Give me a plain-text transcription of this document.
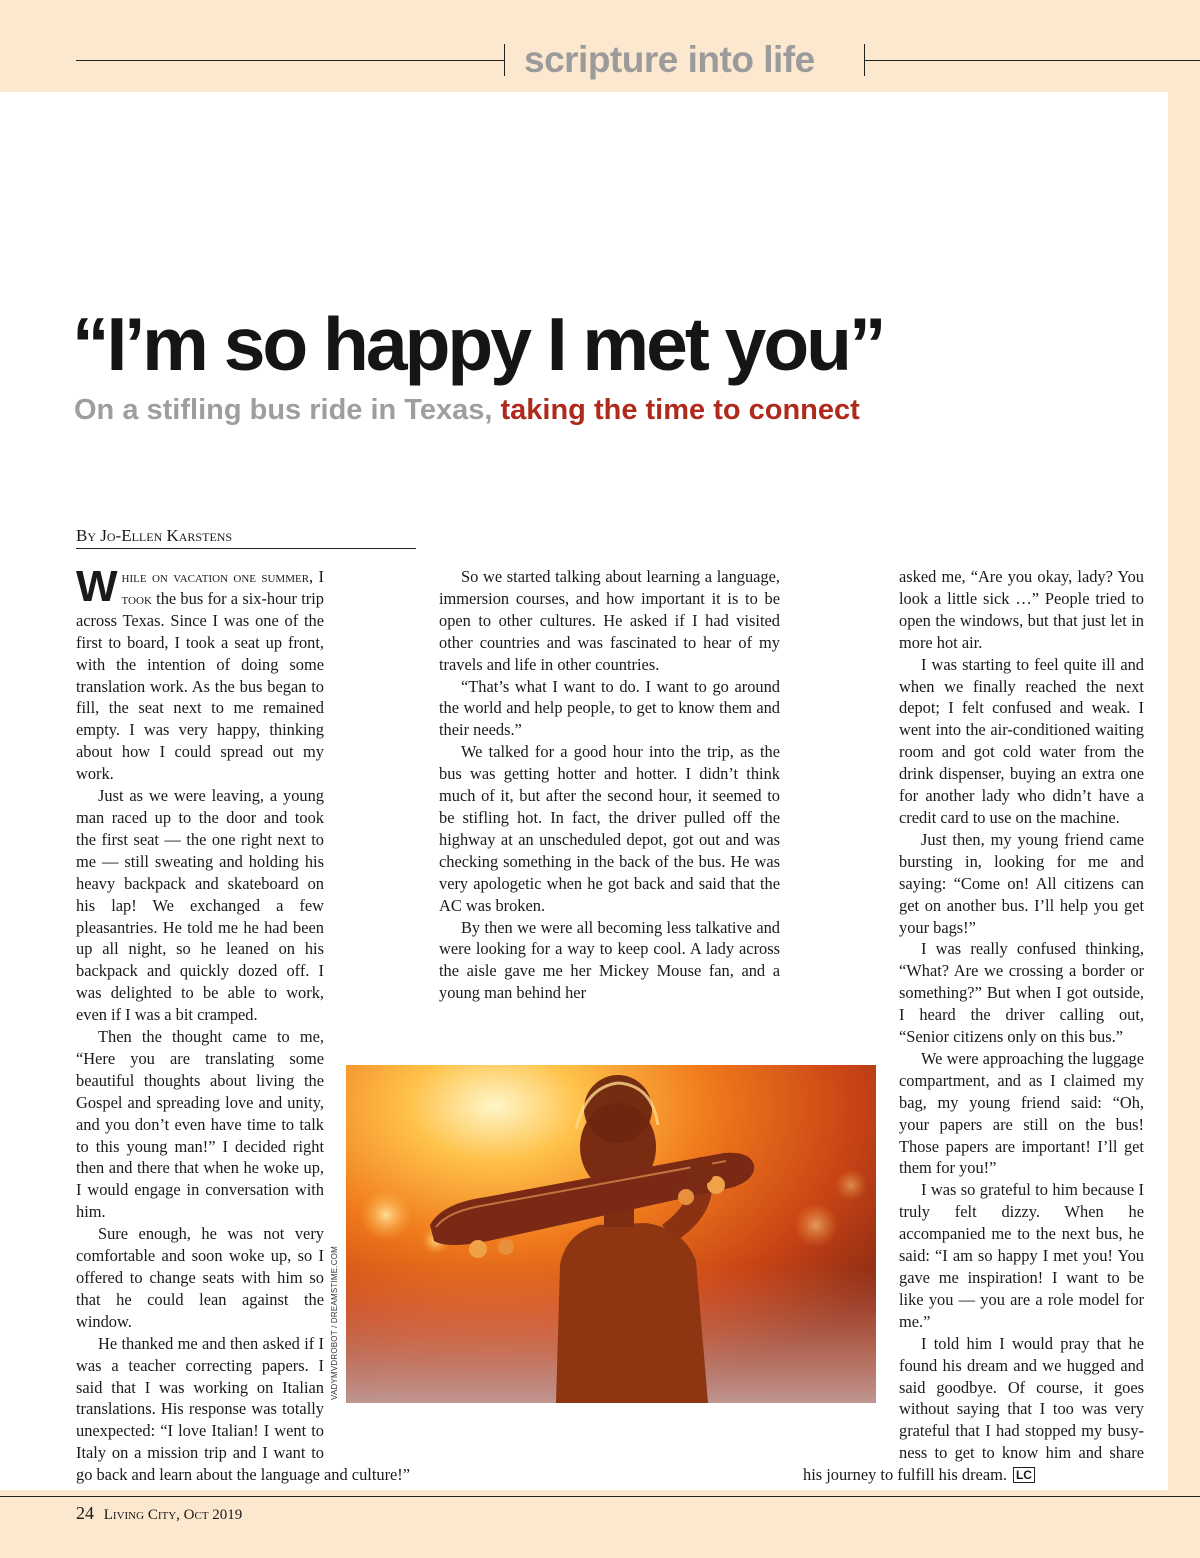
scripture into life
“I’m so happy I met you”
On a stifling bus ride in Texas, taking the time to connect
By Jo-Ellen Karstens

While on vacation one summer, I took the bus for a six-hour trip across Texas. Since I was one of the first to board, I took a seat up front, with the intention of doing some translation work. As the bus began to fill, the seat next to me remained empty. I was very happy, thinking about how I could spread out my work.

Just as we were leaving, a young man raced up to the door and took the first seat — the one right next to me — still sweating and holding his heavy backpack and skateboard on his lap! We exchanged a few pleasantries. He told me he had been up all night, so he leaned on his backpack and quickly dozed off. I was delighted to be able to work, even if I was a bit cramped.

Then the thought came to me, “Here you are translating some beautiful thoughts about living the Gospel and spreading love and unity, and you don’t even have time to talk to this young man!” I decided right then and there that when he woke up, I would engage in conversation with him.

Sure enough, he was not very comfortable and soon woke up, so I offered to change seats with him so that he could lean against the window.

He thanked me and then asked if I was a teacher correcting papers. I said that I was working on Italian translations. His response was totally unexpected: “I love Italian! I went to Italy on a mission trip and I want to go back and learn about the language and culture!”

So we started talking about learning a language, immersion courses, and how important it is to be open to other cultures. He asked if I had visited other countries and was fascinated to hear of my travels and life in other countries.

“That’s what I want to do. I want to go around the world and help people, to get to know them and their needs.”

We talked for a good hour into the trip, as the bus was getting hotter and hotter. I didn’t think much of it, but after the second hour, it seemed to be stifling hot. In fact, the driver pulled off the highway at an unscheduled depot, got out and was checking something in the back of the bus. He was very apologetic when he got back and said that the AC was broken.

By then we were all becoming less talkative and were looking for a way to keep cool. A lady across the aisle gave me her Mickey Mouse fan, and a young man behind her

asked me, “Are you okay, lady? You look a little sick …” People tried to open the windows, but that just let in more hot air.

I was starting to feel quite ill and when we finally reached the next depot; I felt confused and weak. I went into the air-conditioned waiting room and got cold water from the drink dispenser, buying an extra one for another lady who didn’t have a credit card to use on the machine.

Just then, my young friend came bursting in, looking for me and saying: “Come on! All citizens can get on another bus. I’ll help you get your bags!”

I was really confused thinking, “What? Are we crossing a border or something?” But when I got outside, I heard the driver calling out, “Senior citizens only on this bus.”

We were approaching the luggage compartment, and as I claimed my bag, my young friend said: “Oh, your papers are still on the bus! Those papers are important! I’ll get them for you!”

I was so grateful to him because I truly felt dizzy. When he accompanied me to the next bus, he said: “I am so happy I met you! You gave me inspiration! I want to be like you — you are a role model for me.”

I told him I would pray that he found his dream and we hugged and said goodbye. Of course, it goes without saying that I too was very grateful that I had stopped my busy-ness to get to know him and share his journey to fulfill his dream. LC

VADYMVDROBOT / DREAMSTIME.COM
24 Living City, Oct 2019
